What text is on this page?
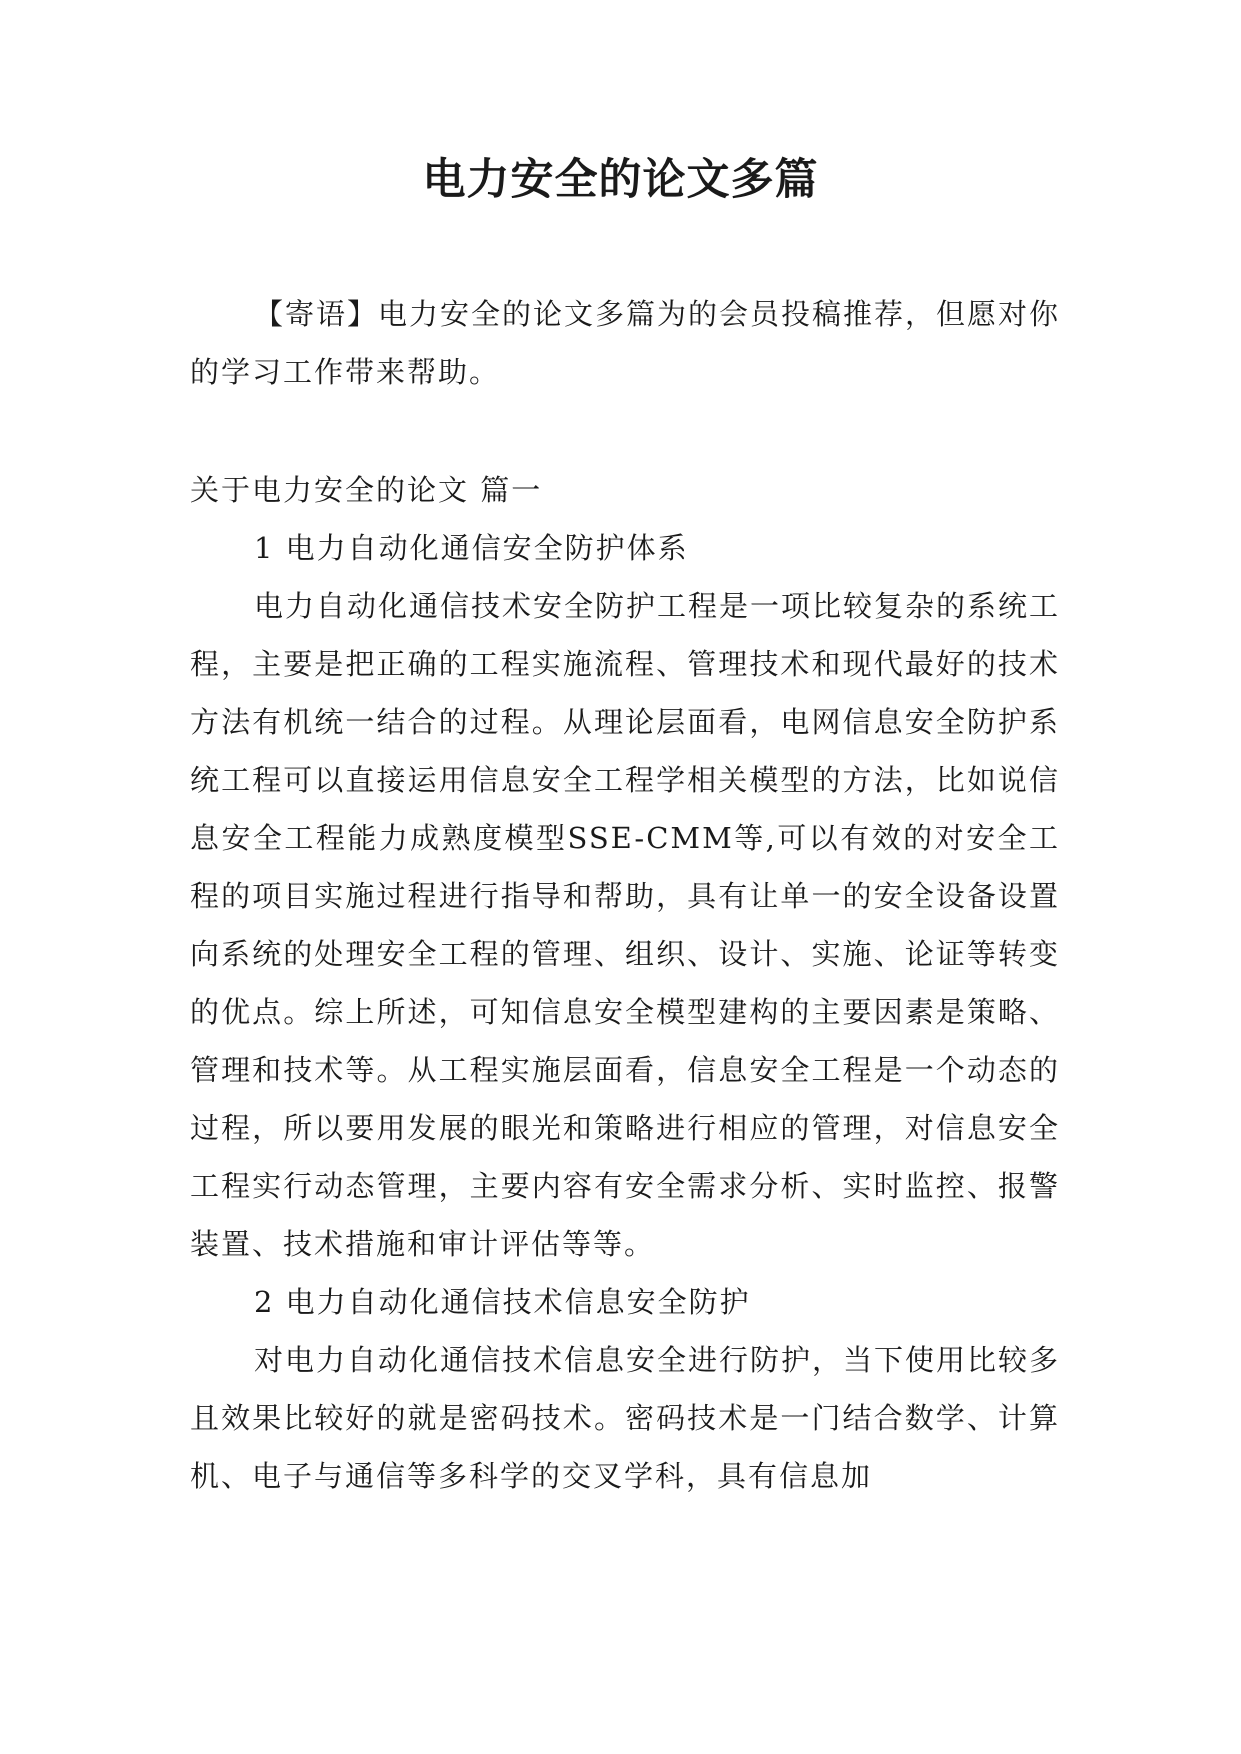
电力安全的论文多篇

【寄语】电力安全的论文多篇为的会员投稿推荐，但愿对你的学习工作带来帮助。

关于电力安全的论文 篇一

1 电力自动化通信安全防护体系

电力自动化通信技术安全防护工程是一项比较复杂的系统工程，主要是把正确的工程实施流程、管理技术和现代最好的技术方法有机统一结合的过程。从理论层面看，电网信息安全防护系统工程可以直接运用信息安全工程学相关模型的方法，比如说信息安全工程能力成熟度模型SSE-CMM等,可以有效的对安全工程的项目实施过程进行指导和帮助，具有让单一的安全设备设置向系统的处理安全工程的管理、组织、设计、实施、论证等转变的优点。综上所述，可知信息安全模型建构的主要因素是策略、管理和技术等。从工程实施层面看，信息安全工程是一个动态的过程，所以要用发展的眼光和策略进行相应的管理，对信息安全工程实行动态管理，主要内容有安全需求分析、实时监控、报警装置、技术措施和审计评估等等。

2 电力自动化通信技术信息安全防护

对电力自动化通信技术信息安全进行防护，当下使用比较多且效果比较好的就是密码技术。密码技术是一门结合数学、计算机、电子与通信等多科学的交叉学科，具有信息加
